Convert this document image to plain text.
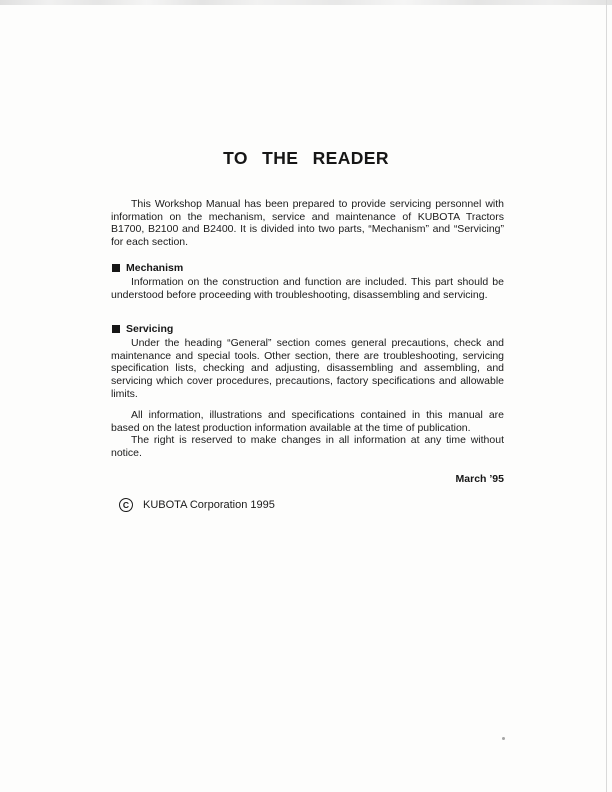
TO THE READER

This Workshop Manual has been prepared to provide servicing personnel with information on the mechanism, service and maintenance of KUBOTA Tractors B1700, B2100 and B2400. It is divided into two parts, “Mechanism” and “Servicing” for each section.

Mechanism

Information on the construction and function are included. This part should be understood before proceeding with troubleshooting, disassembling and servicing.

Servicing

Under the heading “General” section comes general precautions, check and maintenance and special tools. Other section, there are troubleshooting, servicing specification lists, checking and adjusting, disassembling and assembling, and servicing which cover procedures, precautions, factory specifications and allowable limits.

All information, illustrations and specifications contained in this manual are based on the latest production information available at the time of publication.

The right is reserved to make changes in all information at any time without notice.

March ’95
C	KUBOTA Corporation 1995
